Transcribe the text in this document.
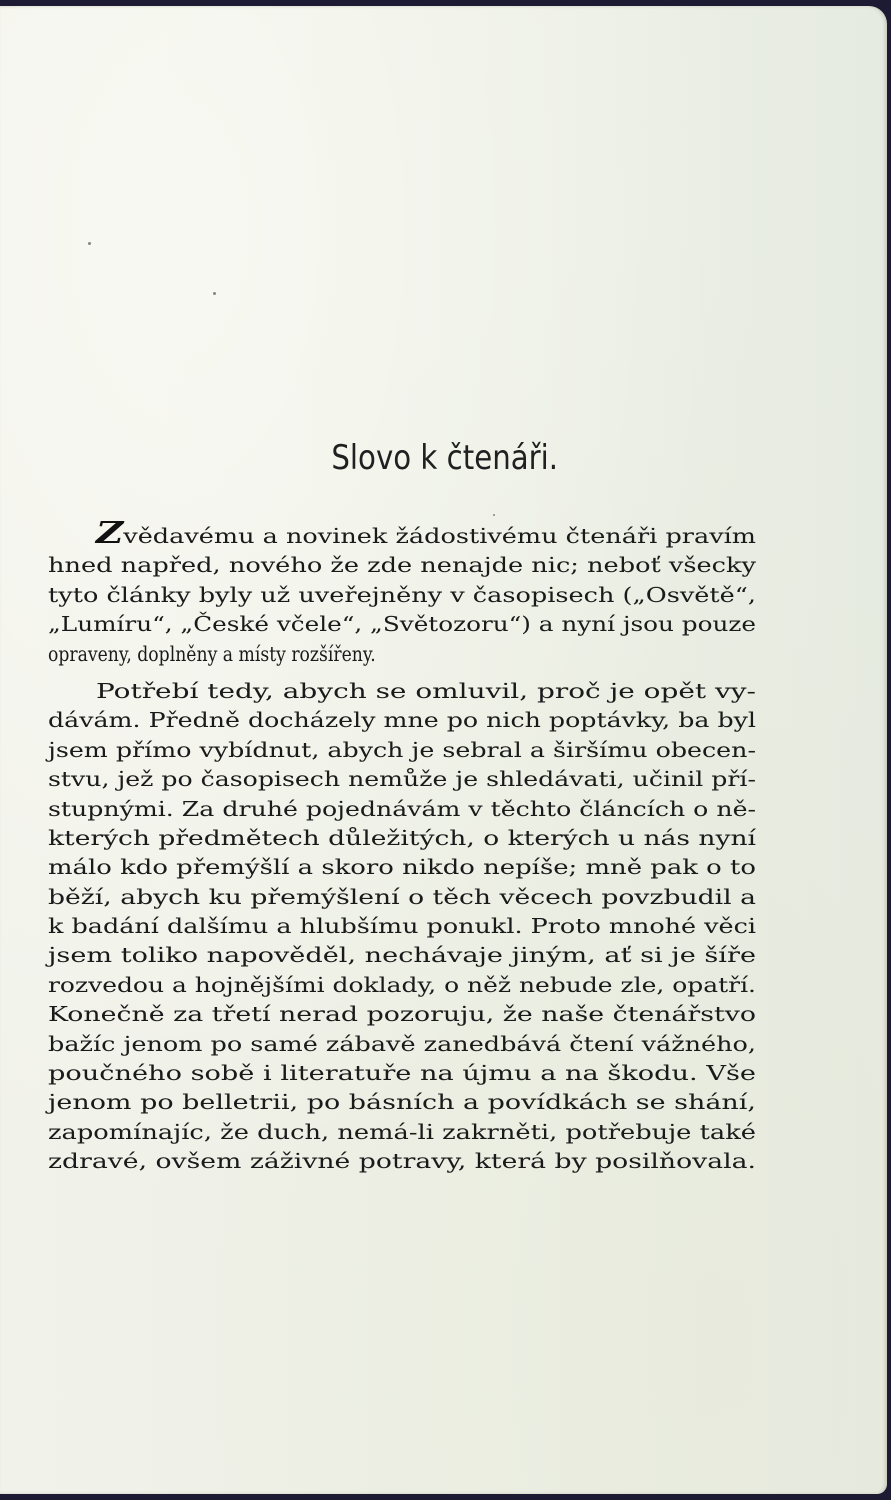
Slovo k čtenáři.
Zvědavému a novinek žádostivému čtenáři pravím
hned napřed, nového že zde nenajde nic; neboť všecky
tyto články byly už uveřejněny v časopisech („Osvětě“,
„Lumíru“, „České včele“, „Světozoru“) a nyní jsou pouze
opraveny, doplněny a místy rozšířeny.
Potřebí tedy, abych se omluvil, proč je opět vy-
dávám. Předně docházely mne po nich poptávky, ba byl
jsem přímo vybídnut, abych je sebral a širšímu obecen-
stvu, jež po časopisech nemůže je shledávati, učinil pří-
stupnými. Za druhé pojednávám v těchto článcích o ně-
kterých předmětech důležitých, o kterých u nás nyní
málo kdo přemýšlí a skoro nikdo nepíše; mně pak o to
běží, abych ku přemýšlení o těch věcech povzbudil a
k badání dalšímu a hlubšímu ponukl. Proto mnohé věci
jsem toliko napověděl, nechávaje jiným, ať si je šíře
rozvedou a hojnějšími doklady, o něž nebude zle, opatří.
Konečně za třetí nerad pozoruju, že naše čtenářstvo
bažíc jenom po samé zábavě zanedbává čtení vážného,
poučného sobě i literatuře na újmu a na škodu. Vše
jenom po belletrii, po básních a povídkách se shání,
zapomínajíc, že duch, nemá-li zakrněti, potřebuje také
zdravé, ovšem záživné potravy, která by posilňovala.
